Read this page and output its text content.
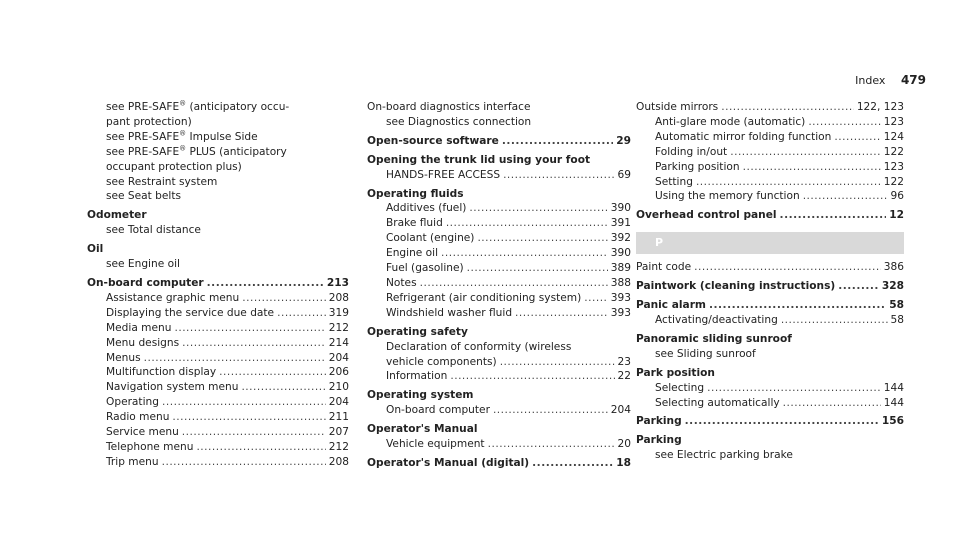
Index 479
see PRE-SAFE® (anticipatory occu-
pant protection)
see PRE-SAFE® Impulse Side
see PRE-SAFE® PLUS (anticipatory
occupant protection plus)
see Restraint system
see Seat belts
Odometer
see Total distance
Oil
see Engine oil
On-board computer .....	213
Assistance graphic menu .....	208
Displaying the service due date .....	319
Media menu .....	212
Menu designs .....	214
Menus .....	204
Multifunction display .....	206
Navigation system menu .....	210
Operating .....	204
Radio menu .....	211
Service menu .....	207
Telephone menu .....	212
Trip menu .....	208
On-board diagnostics interface
see Diagnostics connection
Open-source software .....	29
Opening the trunk lid using your foot
HANDS-FREE ACCESS .....	69
Operating fluids
Additives (fuel) .....	390
Brake fluid .....	391
Coolant (engine) .....	392
Engine oil .....	390
Fuel (gasoline) .....	389
Notes .....	388
Refrigerant (air conditioning system) .....	393
Windshield washer fluid .....	393
Operating safety
Declaration of conformity (wireless
vehicle components) .....	23
Information .....	22
Operating system
On-board computer .....	204
Operator's Manual
Vehicle equipment .....	20
Operator's Manual (digital) .....	18
Outside mirrors .....	122, 123
Anti-glare mode (automatic) .....	123
Automatic mirror folding function .....	124
Folding in/out .....	122
Parking position .....	123
Setting .....	122
Using the memory function .....	96
Overhead control panel .....	12
P
Paint code .....	386
Paintwork (cleaning instructions) .....	328
Panic alarm .....	58
Activating/deactivating .....	58
Panoramic sliding sunroof
see Sliding sunroof
Park position
Selecting .....	144
Selecting automatically .....	144
Parking .....	156
Parking
see Electric parking brake
